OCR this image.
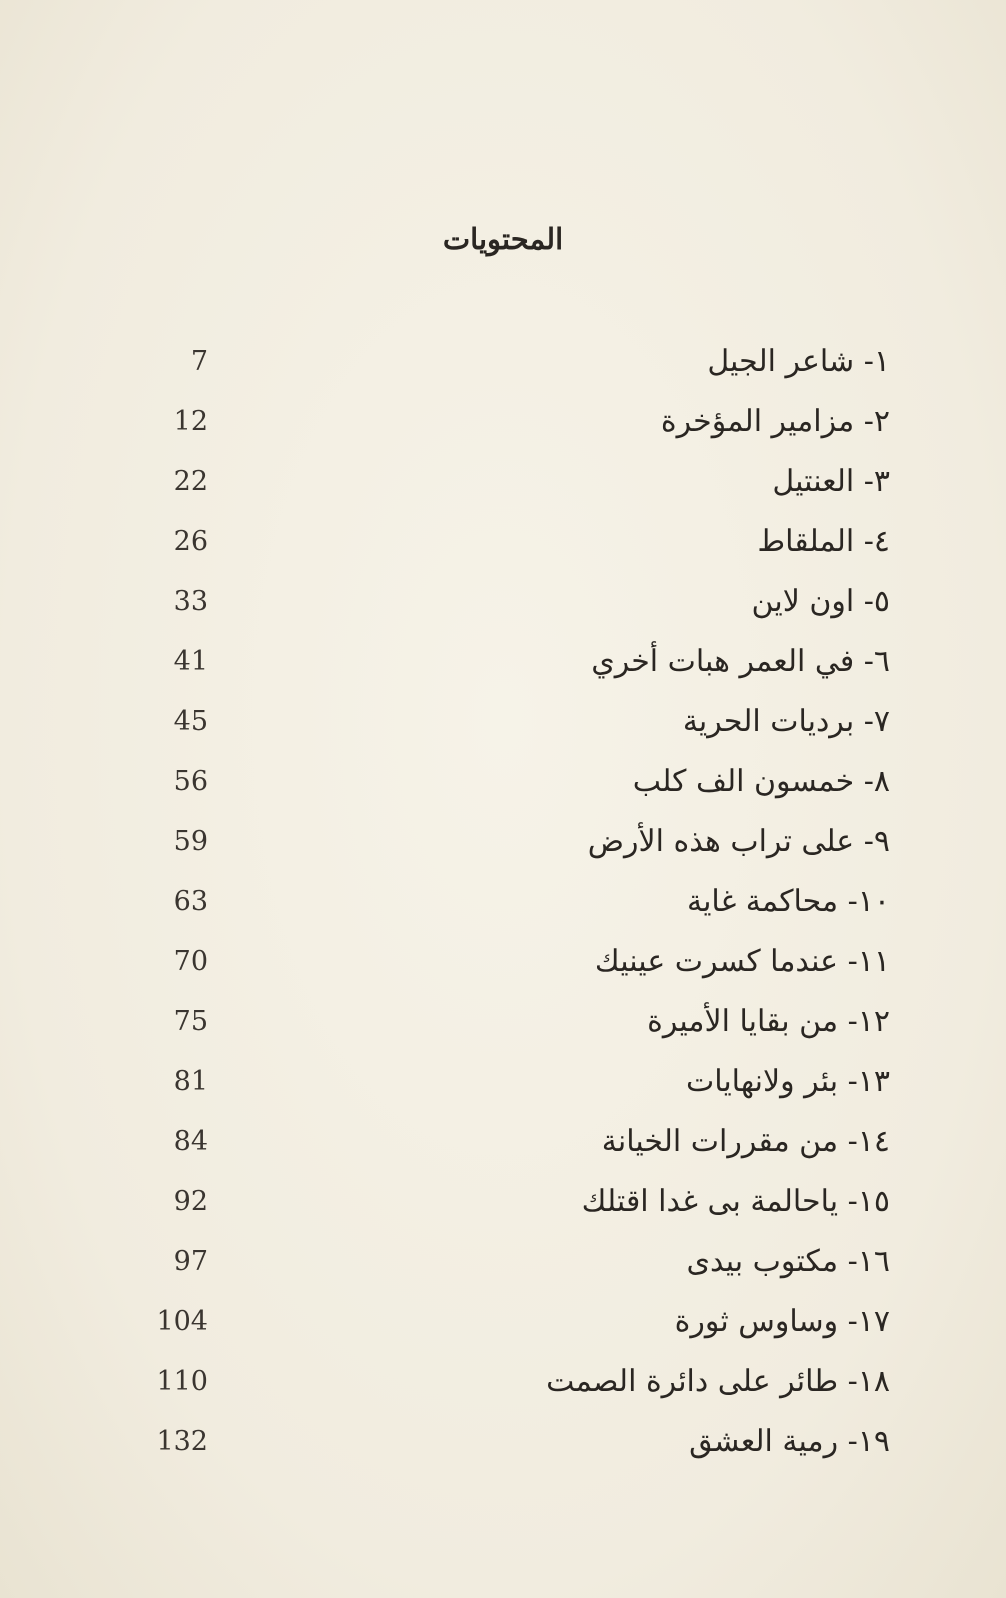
المحتويات
١- شاعر الجيل
7
٢- مزامير المؤخرة
12
٣- العنتيل
22
٤- الملقاط
26
٥- اون لاين
33
٦- في العمر هبات أخري
41
٧- برديات الحرية
45
٨- خمسون الف كلب
56
٩- على تراب هذه الأرض
59
١٠- محاكمة غاية
63
١١- عندما كسرت عينيك
70
١٢- من بقايا الأميرة
75
١٣- بئر ولانهايات
81
١٤- من مقررات الخيانة
84
١٥- ياحالمة بى غدا اقتلك
92
١٦- مكتوب بيدى
97
١٧- وساوس ثورة
104
١٨- طائر على دائرة الصمت
110
١٩- رمية العشق
132
